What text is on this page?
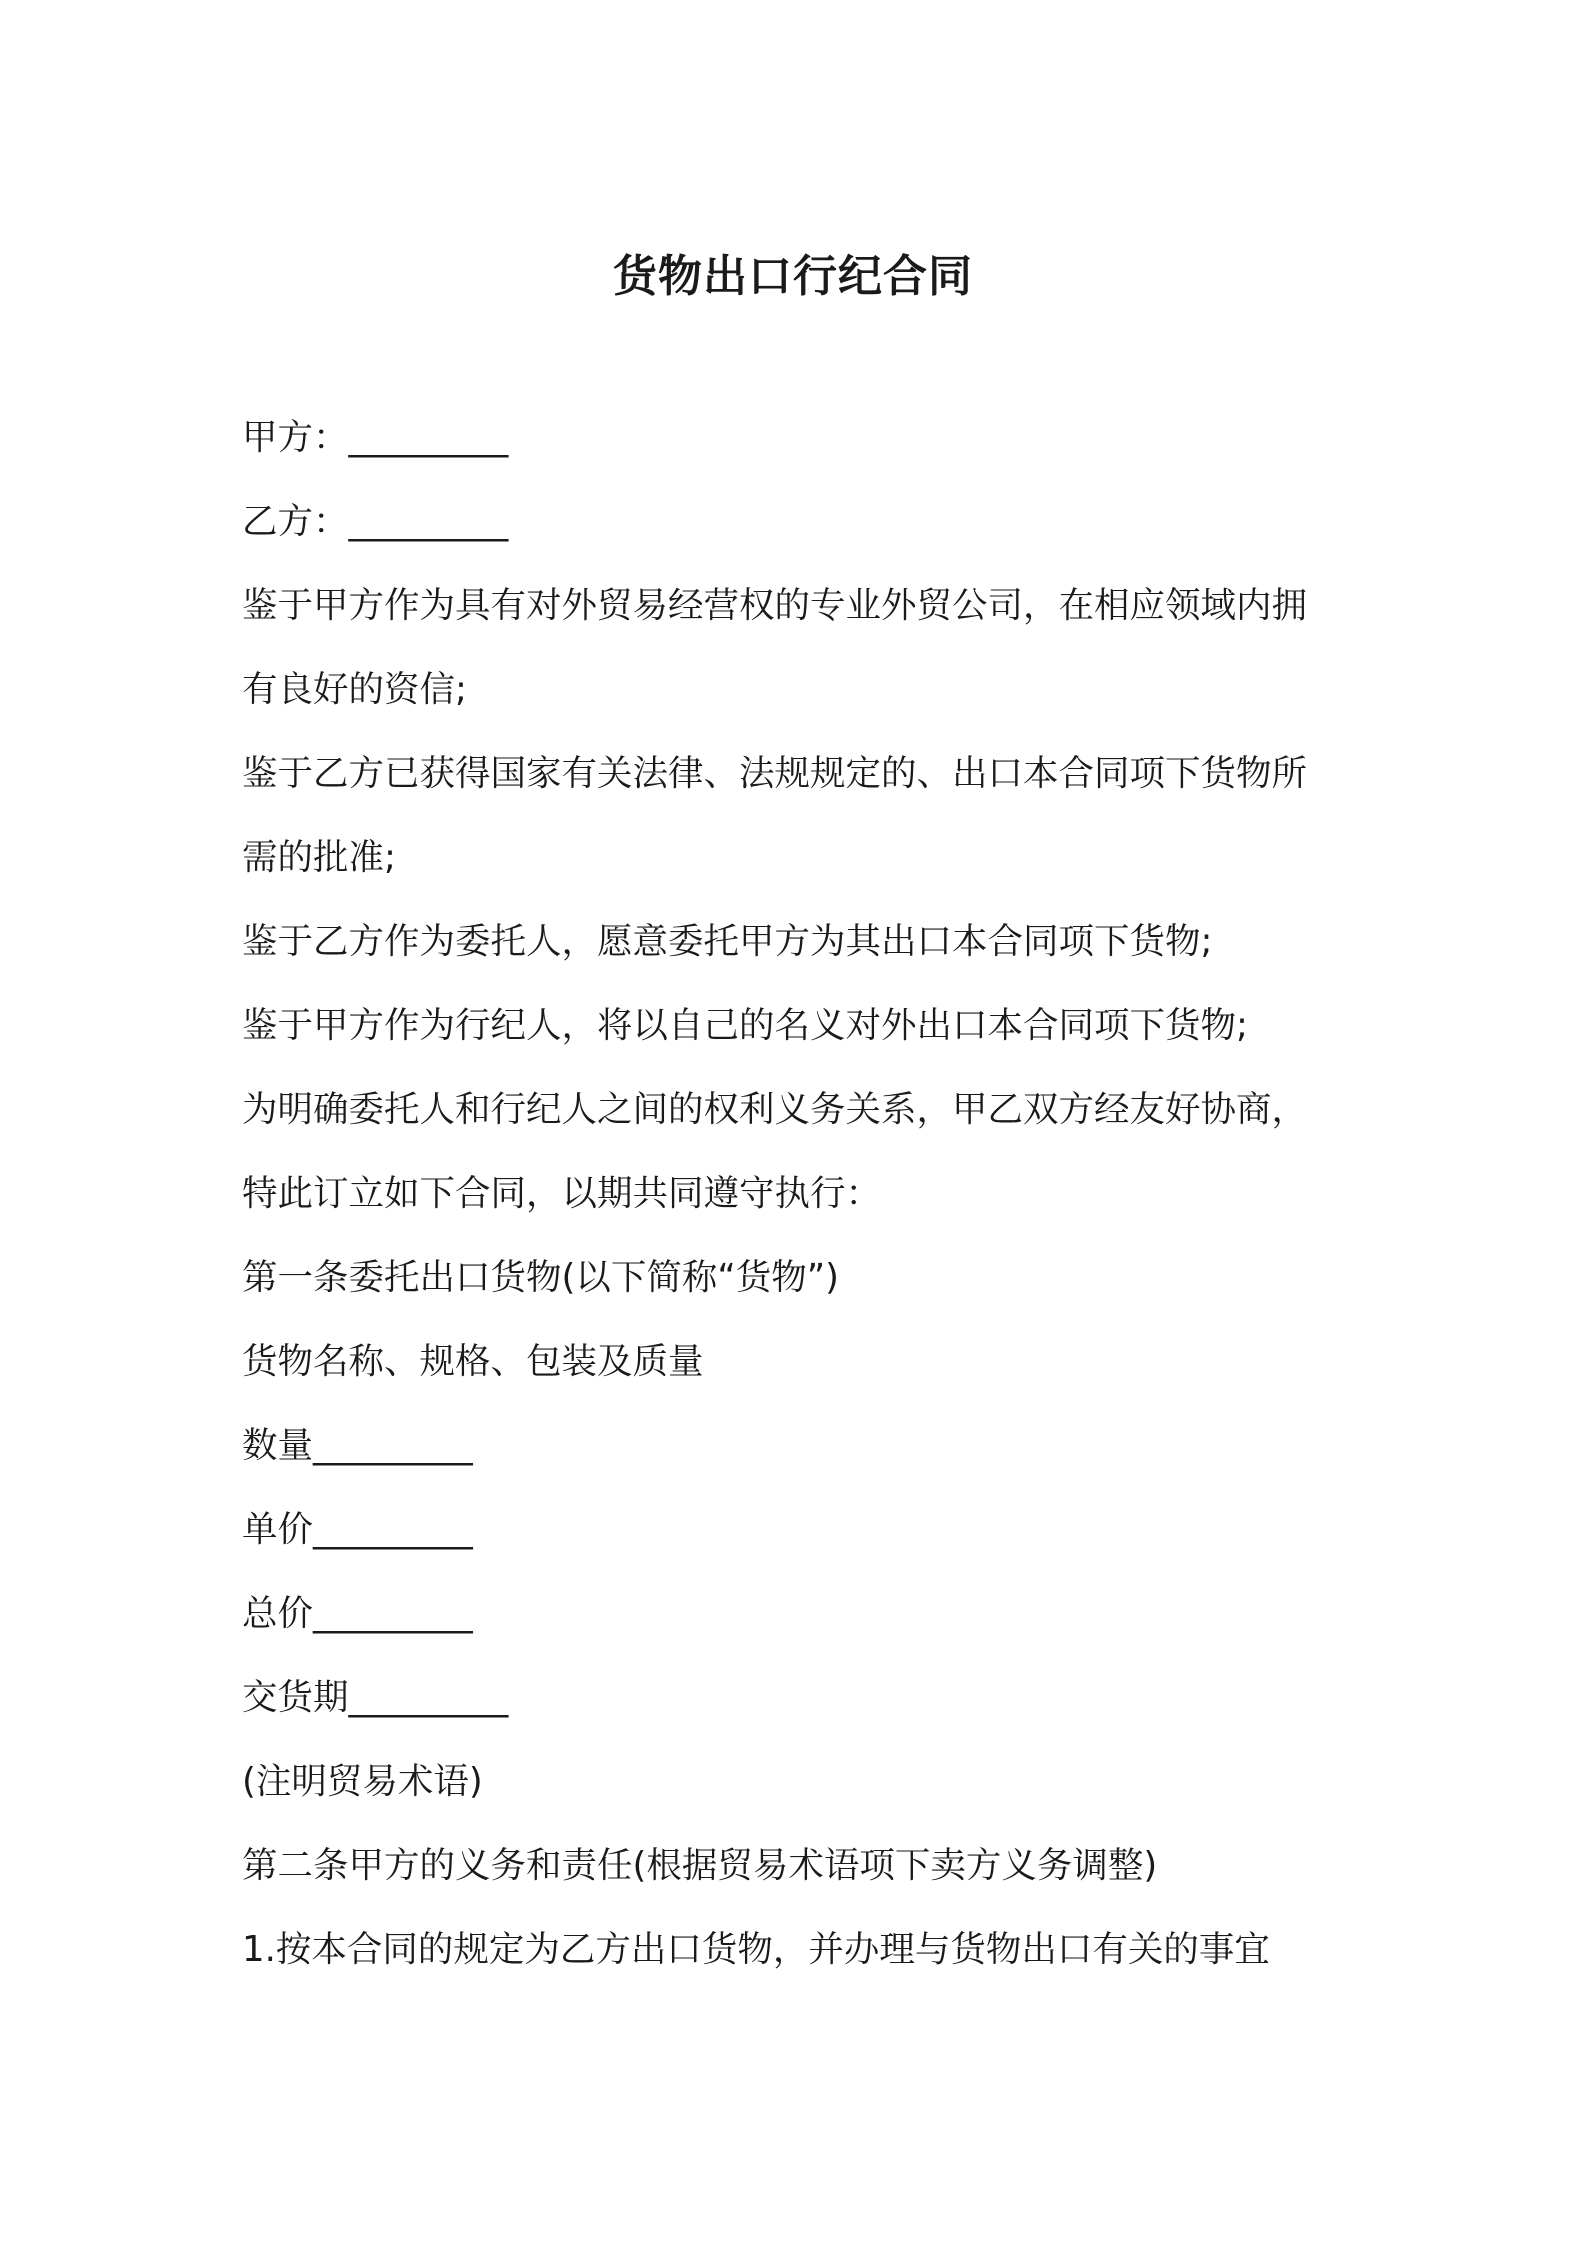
货物出口行纪合同
甲方：_________
乙方：_________
鉴于甲方作为具有对外贸易经营权的专业外贸公司，在相应领域内拥
有良好的资信;
鉴于乙方已获得国家有关法律、法规规定的、出口本合同项下货物所
需的批准;
鉴于乙方作为委托人，愿意委托甲方为其出口本合同项下货物;
鉴于甲方作为行纪人，将以自己的名义对外出口本合同项下货物;
为明确委托人和行纪人之间的权利义务关系，甲乙双方经友好协商，
特此订立如下合同，以期共同遵守执行：
第一条委托出口货物(以下简称“货物”)
货物名称、规格、包装及质量
数量_________
单价_________
总价_________
交货期_________
(注明贸易术语)
第二条甲方的义务和责任(根据贸易术语项下卖方义务调整)
1.按本合同的规定为乙方出口货物，并办理与货物出口有关的事宜
